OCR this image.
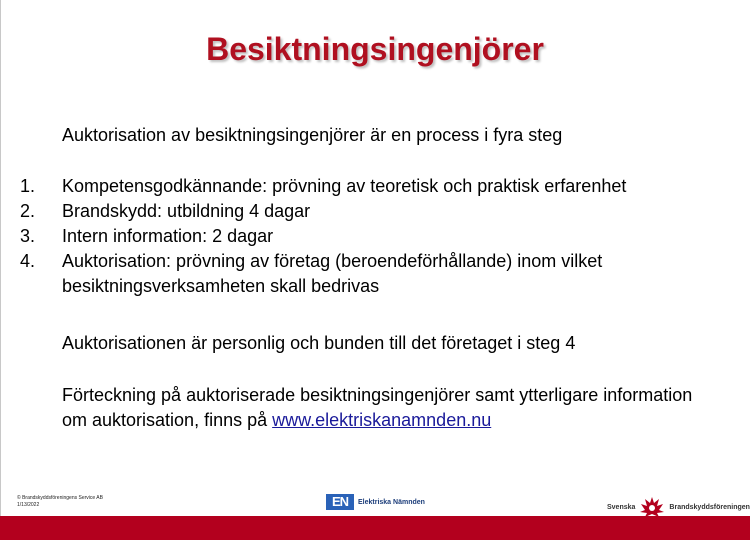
Besiktningsingenjörer
Auktorisation av besiktningsingenjörer är en process i fyra steg
1.	Kompetensgodkännande: prövning av teoretisk och praktisk erfarenhet
2.	Brandskydd: utbildning 4 dagar
3.	Intern information: 2 dagar
4.	Auktorisation: prövning av företag (beroendeförhållande) inom vilket besiktningsverksamheten skall bedrivas
Auktorisationen är personlig och bunden till det företaget i steg 4
Förteckning på auktoriserade besiktningsingenjörer samt ytterligare information om auktorisation, finns på www.elektriskanamnden.nu
© Brandskyddsföreningens Service AB
1/13/2022	EN	Elektriska Nämnden
Svenska	Brandskyddsföreningen
